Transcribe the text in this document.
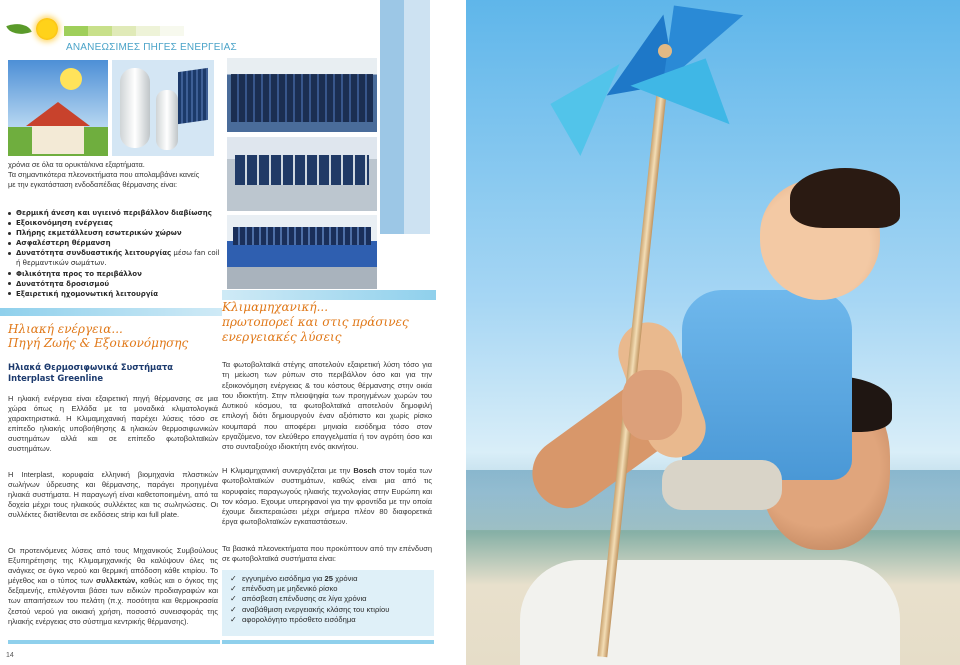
ΑΝΑΝΕΩΣΙΜΕΣ ΠΗΓΕΣ ΕΝΕΡΓΕΙΑΣ

χρόνια σε όλα τα ορυκτά/κινα εξαρτήματα.

Τα σημαντικότερα πλεονεκτήματα που απολαμβάνει κανείς

με την εγκατάσταση ενδοδαπέδιας θέρμανσης είναι:

Θερμική άνεση και υγιεινό περιβάλλον διαβίωσης
Εξοικονόμηση ενέργειας
Πλήρης εκμετάλλευση εσωτερικών χώρων
Ασφαλέστερη θέρμανση
Δυνατότητα συνδυαστικής λειτουργίας μέσω fan coil ή θερμαντικών σωμάτων.
Φιλικότητα προς το περιβάλλον
Δυνατότητα δροσισμού
Εξαιρετική ηχομονωτική λειτουργία
Ηλιακή ενέργεια...
Πηγή Ζωής & Εξοικονόμησης
Ηλιακά Θερμοσιφωνικά Συστήματα
Interplast Greenline

Η ηλιακή ενέργεια είναι εξαιρετική πηγή θέρμανσης σε μια χώρα όπως η Ελλάδα με τα μοναδικά κλιματολογικά χαρακτηριστικά. Η Κλιμαμηχανική παρέχει λύσεις τόσο σε επίπεδο ηλιακής υποβοήθησης & ηλιακών θερμοσιφωνικών συστημάτων αλλά και σε επίπεδο φωτοβολταϊκών συστημάτων.

Η Interplast, κορυφαία ελληνική βιομηχανία πλαστικών σωλήνων ύδρευσης και θέρμανσης, παράγει προηγμένα ηλιακά συστήματα. Η παραγωγή είναι καθετοποιημένη, από τα δοχεία μέχρι τους ηλιακούς συλλέκτες και τις σωληνώσεις. Οι συλλέκτες διατίθενται σε εκδόσεις strip και full plate.

Οι προτεινόμενες λύσεις από τους Μηχανικούς Συμβούλους Εξυπηρέτησης της Κλιμαμηχανικής θα καλύψουν όλες τις ανάγκες σε όγκο νερού και θερμική απόδοση κάθε κτιρίου. Το μέγεθος και ο τύπος των συλλεκτών, καθώς και ο όγκος της δεξαμενής, επιλέγονται βάσει των ειδικών προδιαγραφών και των απαιτήσεων του πελάτη (π.χ. ποσότητα και θερμοκρασία ζεστού νερού για οικιακή χρήση, ποσοστό συνεισφοράς της ηλιακής ενέργειας στο σύστημα κεντρικής θέρμανσης).

14
Κλιμαμηχανική...
πρωτοπορεί και στις πράσινες
ενεργειακές λύσεις

Τα φωτοβολταϊκά στέγης αποτελούν εξαιρετική λύση τόσο για τη μείωση των ρύπων στο περιβάλλον όσο και για την εξοικονόμηση ενέργειας & του κόστους θέρμανσης στην οικία του ιδιοκτήτη. Στην πλειοψηφία των προηγμένων χωρών του Δυτικού κόσμου, τα φωτοβολταϊκά αποτελούν δημοφιλή επιλογή διότι δημιουργούν έναν αξιόπιστο και χωρίς ρίσκο κουμπαρά που αποφέρει μηνιαία εισόδημα τόσο στον εργαζόμενο, τον ελεύθερο επαγγελματία ή τον αγρότη όσο και στο συνταξιούχο ιδιοκτήτη ενός ακινήτου.

Η Κλιμαμηχανική συνεργάζεται με την Bosch στον τομέα των φωτοβολταϊκών συστημάτων, καθώς είναι μια από τις κορυφαίες παραγωγούς ηλιακής τεχνολογίας στην Ευρώπη και τον κόσμο. Εχουμε υπερηφανοί για την φροντίδα με την οποία έχουμε διεκπεραιώσει μέχρι σήμερα πλέον 80 διαφορετικά έργα φωτοβολταϊκών εγκαταστάσεων.

Τα βασικά πλεονεκτήματα που προκύπτουν από την επένδυση σε φωτοβολταϊκά συστήματα είναι:

✓ εγγυημένο εισόδημα για 25 χρόνια
✓ επένδυση με μηδενικό ρίσκο
✓ απόσβεση επένδυσης σε λίγα χρόνια
✓ αναβάθμιση ενεργειακής κλάσης του κτιρίου
✓ αφορολόγητο πρόσθετο εισόδημα
